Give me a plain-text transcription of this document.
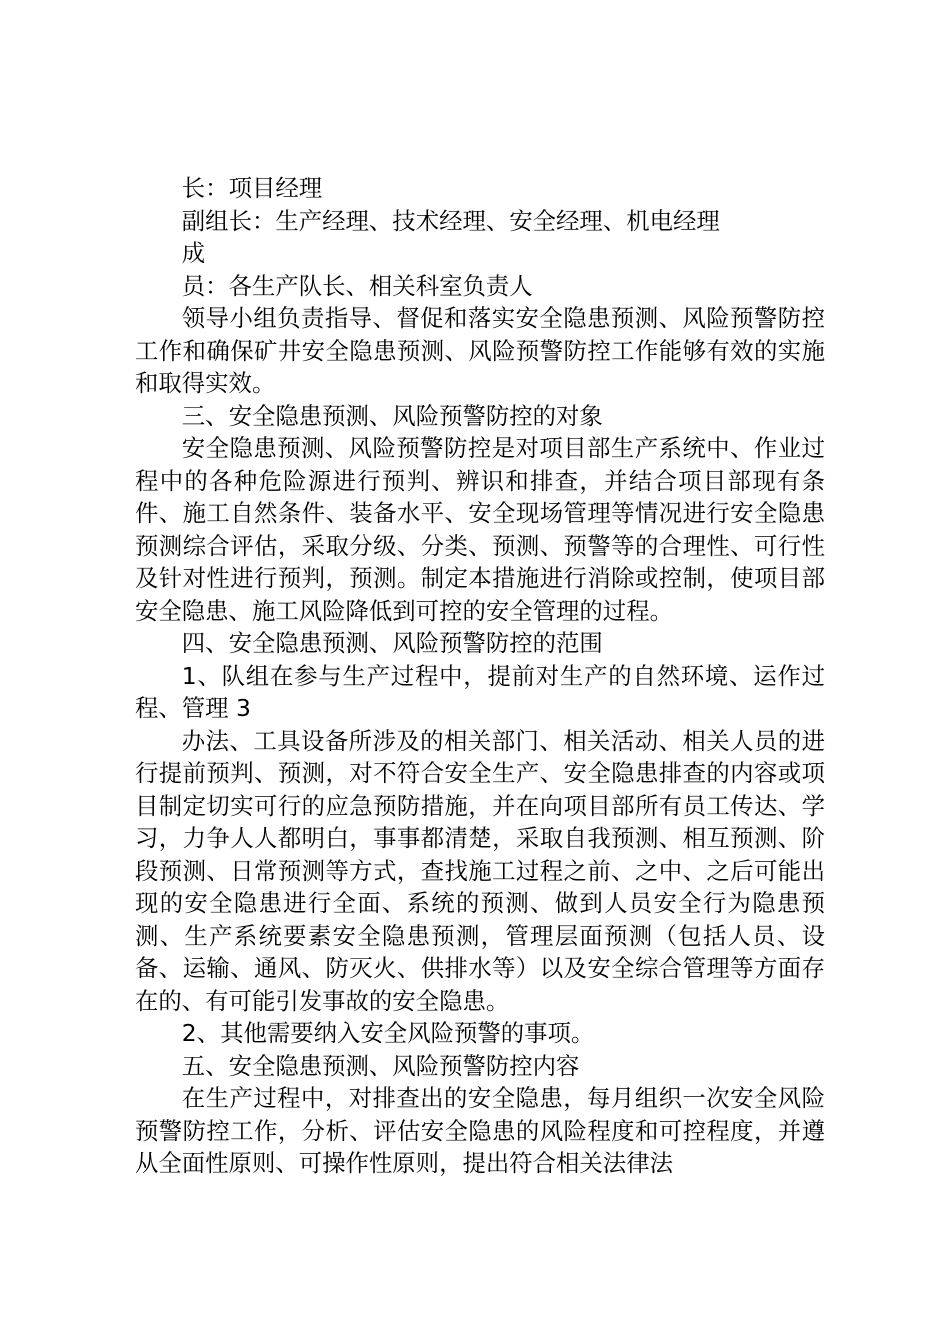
长：项目经理

副组长：生产经理、技术经理、安全经理、机电经理

成

员：各生产队长、相关科室负责人

领导小组负责指导、督促和落实安全隐患预测、风险预警防控工作和确保矿井安全隐患预测、风险预警防控工作能够有效的实施和取得实效。

三、安全隐患预测、风险预警防控的对象

安全隐患预测、风险预警防控是对项目部生产系统中、作业过程中的各种危险源进行预判、辨识和排查，并结合项目部现有条件、施工自然条件、装备水平、安全现场管理等情况进行安全隐患预测综合评估，采取分级、分类、预测、预警等的合理性、可行性及针对性进行预判，预测。制定本措施进行消除或控制，使项目部安全隐患、施工风险降低到可控的安全管理的过程。

四、安全隐患预测、风险预警防控的范围

1、队组在参与生产过程中，提前对生产的自然环境、运作过程、管理 3

办法、工具设备所涉及的相关部门、相关活动、相关人员的进行提前预判、预测，对不符合安全生产、安全隐患排查的内容或项目制定切实可行的应急预防措施，并在向项目部所有员工传达、学习，力争人人都明白，事事都清楚，采取自我预测、相互预测、阶段预测、日常预测等方式，查找施工过程之前、之中、之后可能出现的安全隐患进行全面、系统的预测、做到人员安全行为隐患预测、生产系统要素安全隐患预测，管理层面预测（包括人员、设备、运输、通风、防灭火、供排水等）以及安全综合管理等方面存在的、有可能引发事故的安全隐患。

2、其他需要纳入安全风险预警的事项。

五、安全隐患预测、风险预警防控内容

在生产过程中，对排查出的安全隐患，每月组织一次安全风险预警防控工作，分析、评估安全隐患的风险程度和可控程度，并遵从全面性原则、可操作性原则，提出符合相关法律法
